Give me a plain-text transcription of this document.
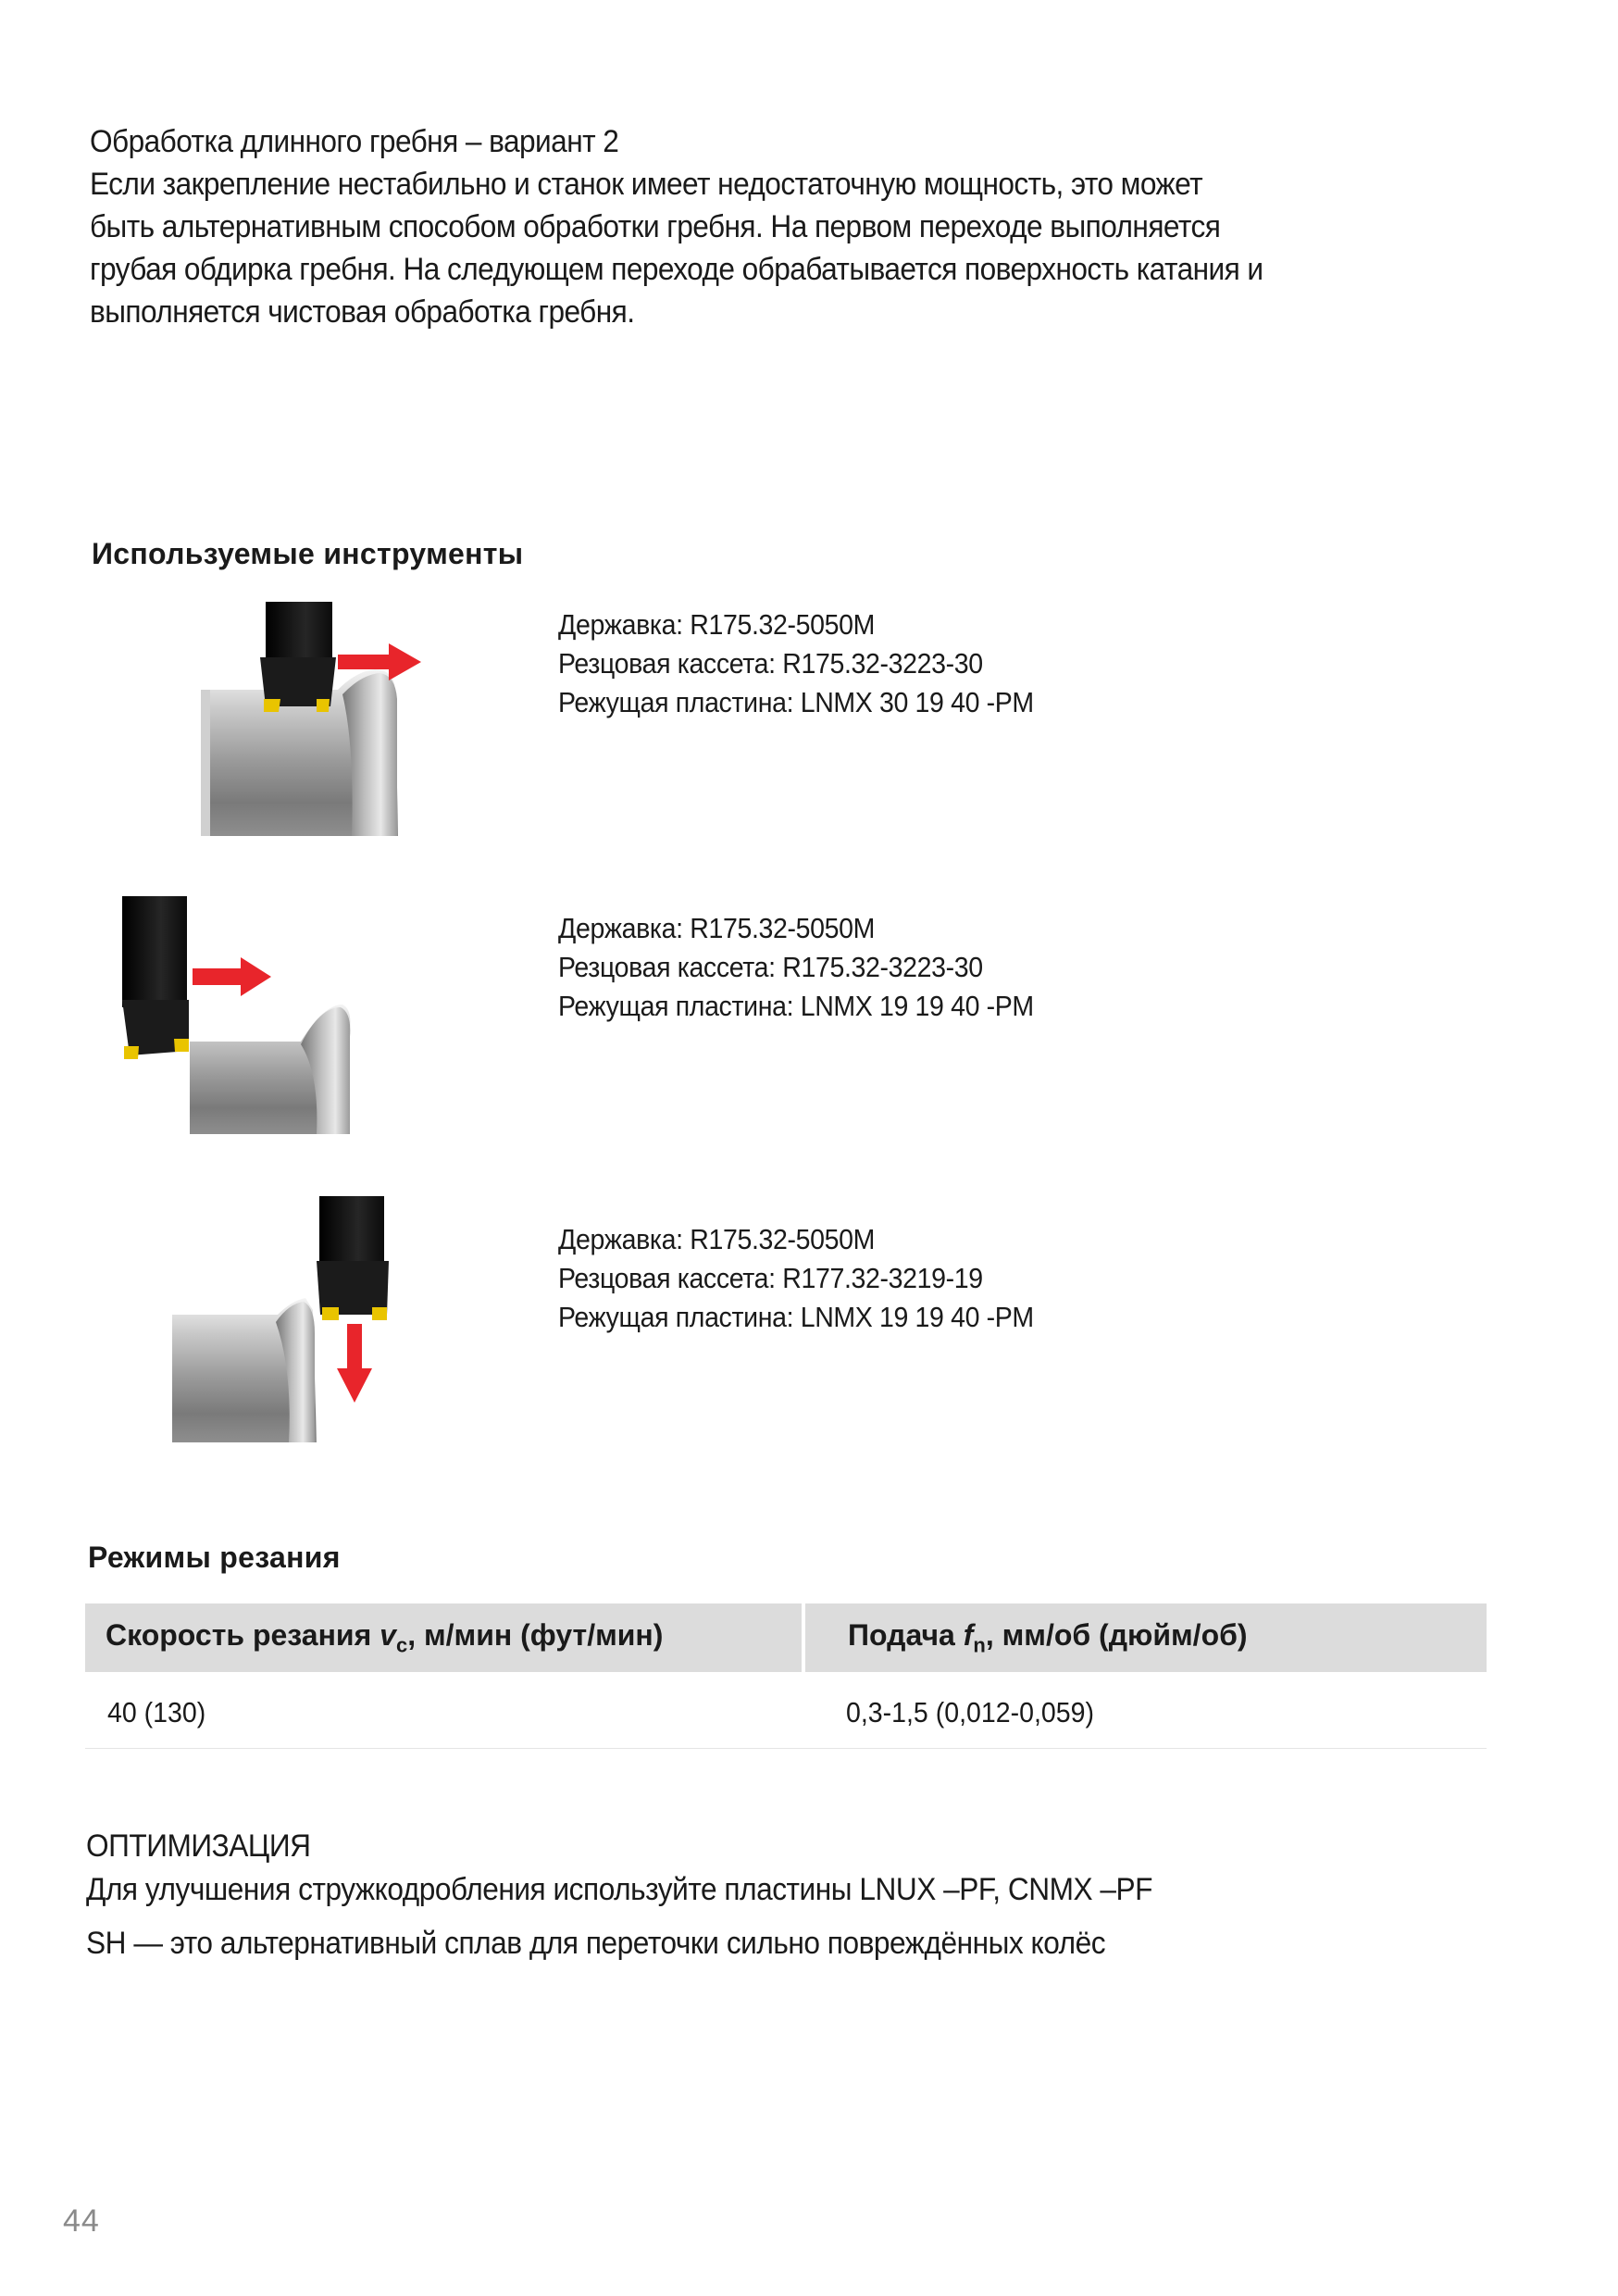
Обработка длинного гребня – вариант 2
Если закрепление нестабильно и станок имеет недостаточную мощность, это может
быть альтернативным способом обработки гребня. На первом переходе выполняется
грубая обдирка гребня. На следующем переходе обрабатывается поверхность катания и
выполняется чистовая обработка гребня.
Используемые инструменты
Державка: R175.32-5050M
Резцовая кассета: R175.32-3223-30
Режущая пластина: LNMX 30 19 40 -PM
Державка: R175.32-5050M
Резцовая кассета: R175.32-3223-30
Режущая пластина: LNMX 19 19 40 -PM
Державка: R175.32-5050M
Резцовая кассета: R177.32-3219-19
Режущая пластина: LNMX 19 19 40 -PM
Режимы резания
Скорость резания $v_c$, м/мин (фут/мин)	Подача $f_n$, мм/об (дюйм/об)
40 (130)	0,3-1,5 (0,012-0,059)
ОПТИМИЗАЦИЯ
Для улучшения стружкодробления используйте пластины LNUX –PF, CNMX –PF
SH — это альтернативный сплав для переточки сильно повреждённых колёс
44
